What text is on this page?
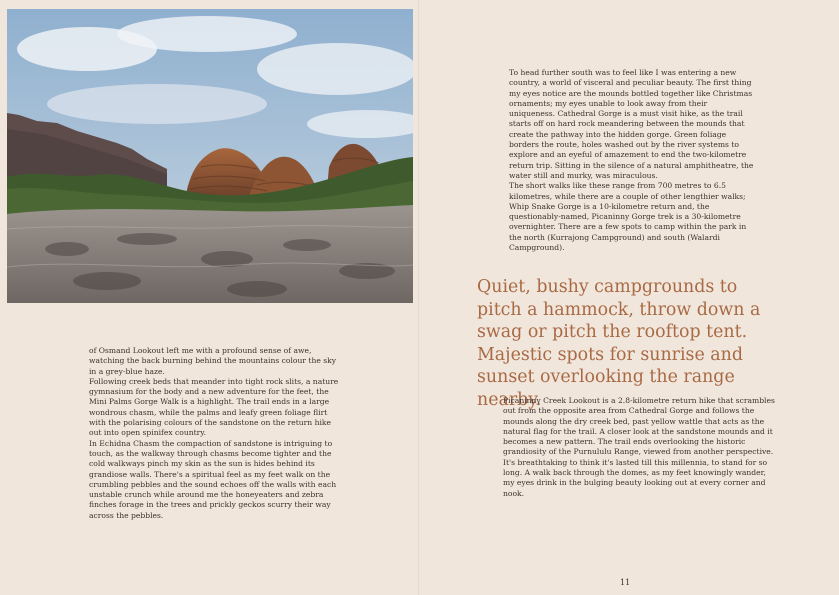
of Osmand Lookout left me with a profound sense of awe, watching the back burning behind the mountains colour the sky in a grey-blue haze.

Following creek beds that meander into tight rock slits, a nature gymnasium for the body and a new adventure for the feet, the Mini Palms Gorge Walk is a highlight. The trail ends in a large wondrous chasm, while the palms and leafy green foliage flirt with the polarising colours of the sandstone on the return hike out into open spinifex country.

In Echidna Chasm the compaction of sandstone is intriguing to touch, as the walkway through chasms become tighter and the cold walkways pinch my skin as the sun is hides behind its grandiose walls. There's a spiritual feel as my feet walk on the crumbling pebbles and the sound echoes off the walls with each unstable crunch while around me the honeyeaters and zebra finches forage in the trees and prickly geckos scurry their way across the pebbles.

To head further south was to feel like I was entering a new country, a world of visceral and peculiar beauty. The first thing my eyes notice are the mounds bottled together like Christmas ornaments; my eyes unable to look away from their uniqueness. Cathedral Gorge is a must visit hike, as the trail starts off on hard rock meandering between the mounds that create the pathway into the hidden gorge. Green foliage borders the route, holes washed out by the river systems to explore and an eyeful of amazement to end the two-kilometre return trip. Sitting in the silence of a natural amphitheatre, the water still and murky, was miraculous.

The short walks like these range from 700 metres to 6.5 kilometres, while there are a couple of other lengthier walks; Whip Snake Gorge is a 10-kilometre return and, the questionably-named, Picaninny Gorge trek is a 30-kilometre overnighter. There are a few spots to camp within the park in the north (Kurrajong Campground) and south (Walardi Campground).

Quiet, bushy campgrounds to pitch a hammock, throw down a swag or pitch the rooftop tent. Majestic spots for sunrise and sunset overlooking the range nearby.

Picaninny Creek Lookout is a 2.8-kilometre return hike that scrambles out from the opposite area from Cathedral Gorge and follows the mounds along the dry creek bed, past yellow wattle that acts as the natural flag for the trail. A closer look at the sandstone mounds and it becomes a new pattern. The trail ends overlooking the historic grandiosity of the Purnululu Range, viewed from another perspective. It's breathtaking to think it's lasted till this millennia, to stand for so long. A walk back through the domes, as my feet knowingly wander, my eyes drink in the bulging beauty looking out at every corner and nook.

11
